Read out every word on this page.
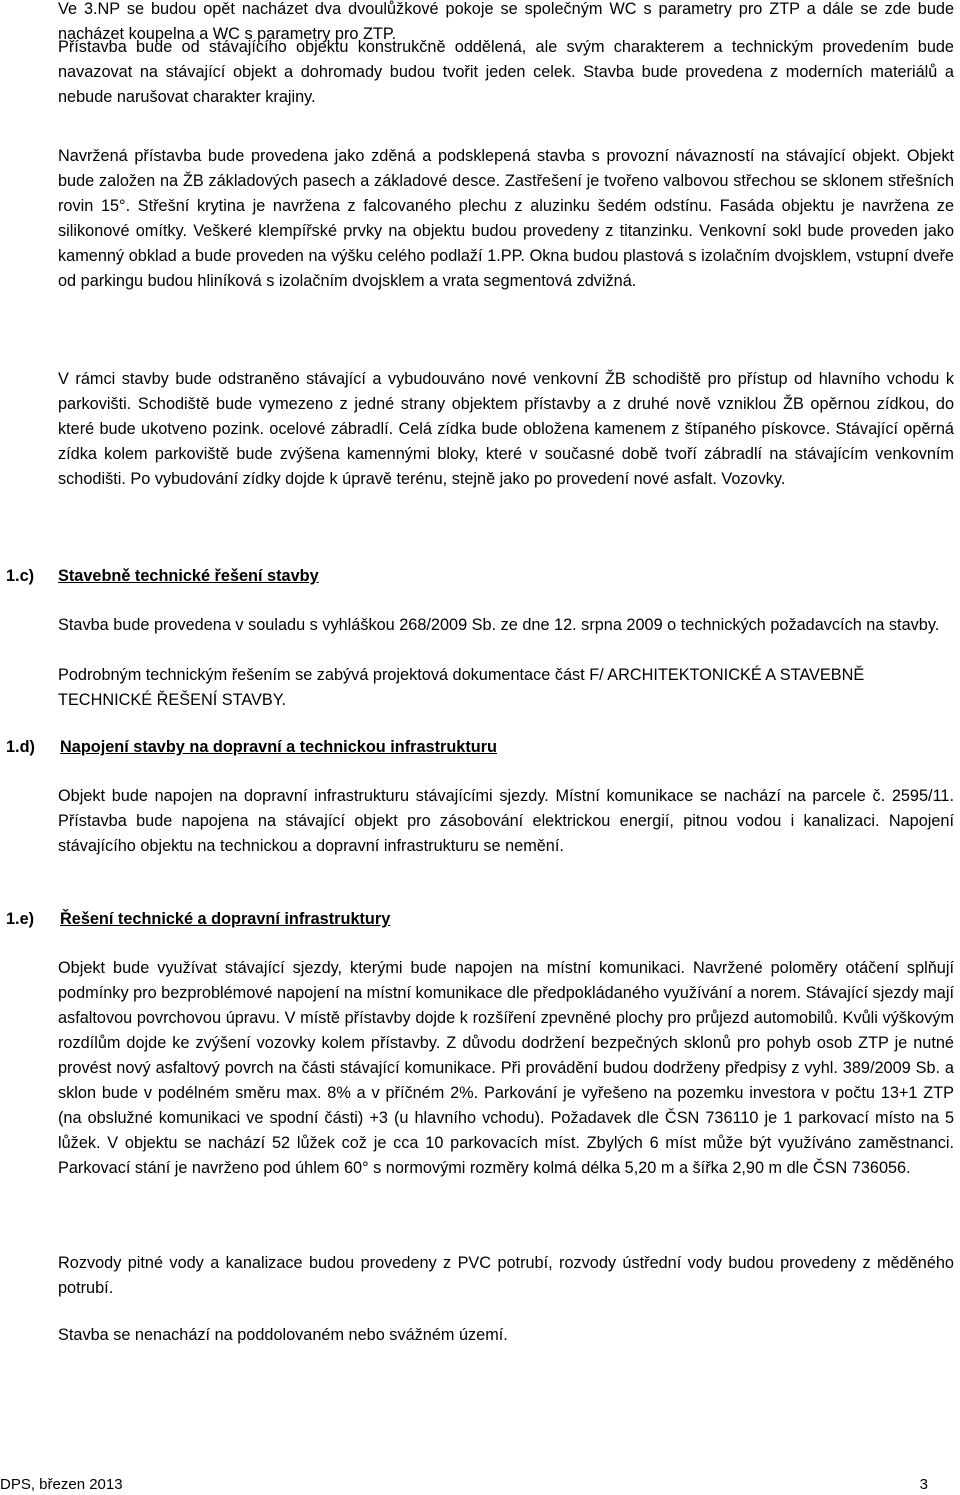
Ve 3.NP se budou opět nacházet dva dvoulůžkové pokoje se společným WC s parametry pro ZTP a dále se zde bude nacházet koupelna a WC s parametry pro ZTP.

Přístavba bude od stávajícího objektu konstrukčně oddělená, ale svým charakterem a technickým provedením bude navazovat na stávající objekt a dohromady budou tvořit jeden celek. Stavba bude provedena z moderních materiálů a nebude narušovat charakter krajiny.

Navržená přístavba bude provedena jako zděná a podsklepená stavba s provozní návazností na stávající objekt. Objekt bude založen na ŽB základových pasech a základové desce. Zastřešení je tvořeno valbovou střechou se sklonem střešních rovin 15°. Střešní krytina je navržena z falcovaného plechu z aluzinku šedém odstínu. Fasáda objektu je navržena ze silikonové omítky. Veškeré klempířské prvky na objektu budou provedeny z titanzinku. Venkovní sokl bude proveden jako kamenný obklad a bude proveden na výšku celého podlaží 1.PP. Okna budou plastová s izolačním dvojsklem, vstupní dveře od parkingu budou hliníková s izolačním dvojsklem a vrata segmentová zdvižná.

V rámci stavby bude odstraněno stávající a vybudouváno nové venkovní ŽB schodiště pro přístup od hlavního vchodu k parkovišti. Schodiště bude vymezeno z jedné strany objektem přístavby a z druhé nově vzniklou ŽB opěrnou zídkou, do které bude ukotveno pozink. ocelové zábradlí. Celá zídka bude obložena kamenem z štípaného pískovce. Stávající opěrná zídka kolem parkoviště bude zvýšena kamennými bloky, které v současné době tvoří zábradlí na stávajícím venkovním schodišti. Po vybudování zídky dojde k úpravě terénu, stejně jako po provedení nové asfalt. Vozovky.

1.c) Stavebně technické řešení stavby

Stavba bude provedena v souladu s vyhláškou 268/2009 Sb. ze dne 12. srpna 2009 o technických požadavcích na stavby.

Podrobným technickým řešením se zabývá projektová dokumentace část F/ ARCHITEKTONICKÉ A STAVEBNĚ TECHNICKÉ ŘEŠENÍ STAVBY.

1.d) Napojení stavby na dopravní a technickou infrastrukturu

Objekt bude napojen na dopravní infrastrukturu stávajícími sjezdy. Místní komunikace se nachází na parcele č. 2595/11. Přístavba bude napojena na stávající objekt pro zásobování elektrickou energií, pitnou vodou i kanalizaci. Napojení stávajícího objektu na technickou a dopravní infrastrukturu se nemění.

1.e) Řešení technické a dopravní infrastruktury

Objekt bude využívat stávající sjezdy, kterými bude napojen na místní komunikaci. Navržené poloměry otáčení splňují podmínky pro bezproblémové napojení na místní komunikace dle předpokládaného využívání a norem. Stávající sjezdy mají asfaltovou povrchovou úpravu. V místě přístavby dojde k rozšíření zpevněné plochy pro průjezd automobilů. Kvůli výškovým rozdílům dojde ke zvýšení vozovky kolem přístavby. Z důvodu dodržení bezpečných sklonů pro pohyb osob ZTP je nutné provést nový asfaltový povrch na části stávající komunikace. Při provádění budou dodrženy předpisy z vyhl. 389/2009 Sb. a sklon bude v podélném směru max. 8% a v příčném 2%. Parkování je vyřešeno na pozemku investora v počtu 13+1 ZTP (na obslužné komunikaci ve spodní části) +3 (u hlavního vchodu). Požadavek dle ČSN 736110 je 1 parkovací místo na 5 lůžek. V objektu se nachází 52 lůžek což je cca 10 parkovacích míst. Zbylých 6 míst může být využíváno zaměstnanci. Parkovací stání je navrženo pod úhlem 60° s normovými rozměry kolmá délka 5,20 m a šířka 2,90 m dle ČSN 736056.

Rozvody pitné vody a kanalizace budou provedeny z PVC potrubí, rozvody ústřední vody budou provedeny z měděného potrubí.

Stavba se nenachází na poddolovaném nebo svážném území.

DPS, březen 2013	3
